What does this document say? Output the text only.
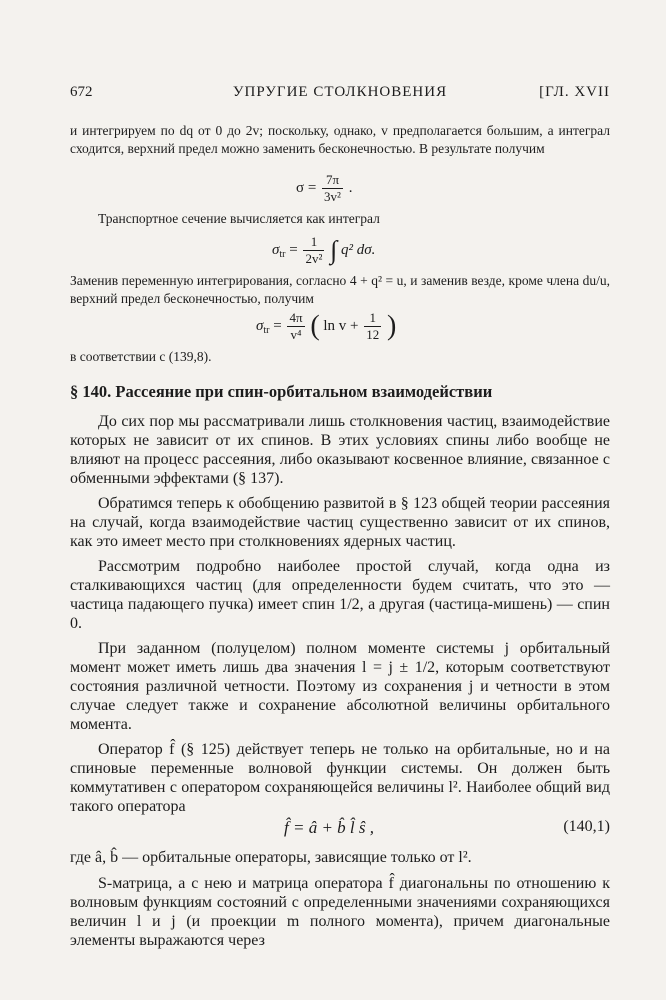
672	УПРУГИЕ СТОЛКНОВЕНИЯ	[ГЛ. XVII
и интегрируем по dq от 0 до 2v; поскольку, однако, v предполагается большим, а интеграл сходится, верхний предел можно заменить бесконечностью. В результате получим
$\sigma = \frac{7\pi}{\text{3v²}}$ .
Транспортное сечение вычисляется как интеграл
$\sigma_{tr} = \frac{1}{\text{2v²}}$ ∫ q² dσ.
Заменив переменную интегрирования, согласно 4 + q² = u, и заменив везде, кроме члена du/u, верхний предел бесконечностью, получим
$\sigma_{tr} = \frac{4\pi}{\text{v⁴}}$ ( $\ln v + \frac{1}{12}$ )
в соответствии с (139,8).
§ 140. Рассеяние при спин-орбитальном взаимодействии

До сих пор мы рассматривали лишь столкновения частиц, взаимодействие которых не зависит от их спинов. В этих условиях спины либо вообще не влияют на процесс рассеяния, либо оказывают косвенное влияние, связанное с обменными эффектами (§ 137).

Обратимся теперь к обобщению развитой в § 123 общей теории рассеяния на случай, когда взаимодействие частиц существенно зависит от их спинов, как это имеет место при столкновениях ядерных частиц.

Рассмотрим подробно наиболее простой случай, когда одна из сталкивающихся частиц (для определенности будем считать, что это — частица падающего пучка) имеет спин 1/2, а другая (частица-мишень) — спин 0.

При заданном (полуцелом) полном моменте системы j орбитальный момент может иметь лишь два значения l = j ± 1/2, которым соответствуют состояния различной четности. Поэтому из сохранения j и четности в этом случае следует также и сохранение абсолютной величины орбитального момента.

Оператор f̂ (§ 125) действует теперь не только на орбитальные, но и на спиновые переменные волновой функции системы. Он должен быть коммутативен с оператором сохраняющейся величины l². Наиболее общий вид такого оператора

f̂ = â + b̂ l̂ ŝ ,	(140,1)
где â, b̂ — орбитальные операторы, зависящие только от l².

S-матрица, а с нею и матрица оператора f̂ диагональны по отношению к волновым функциям состояний с определенными значениями сохраняющихся величин l и j (и проекции m полного момента), причем диагональные элементы выражаются через
